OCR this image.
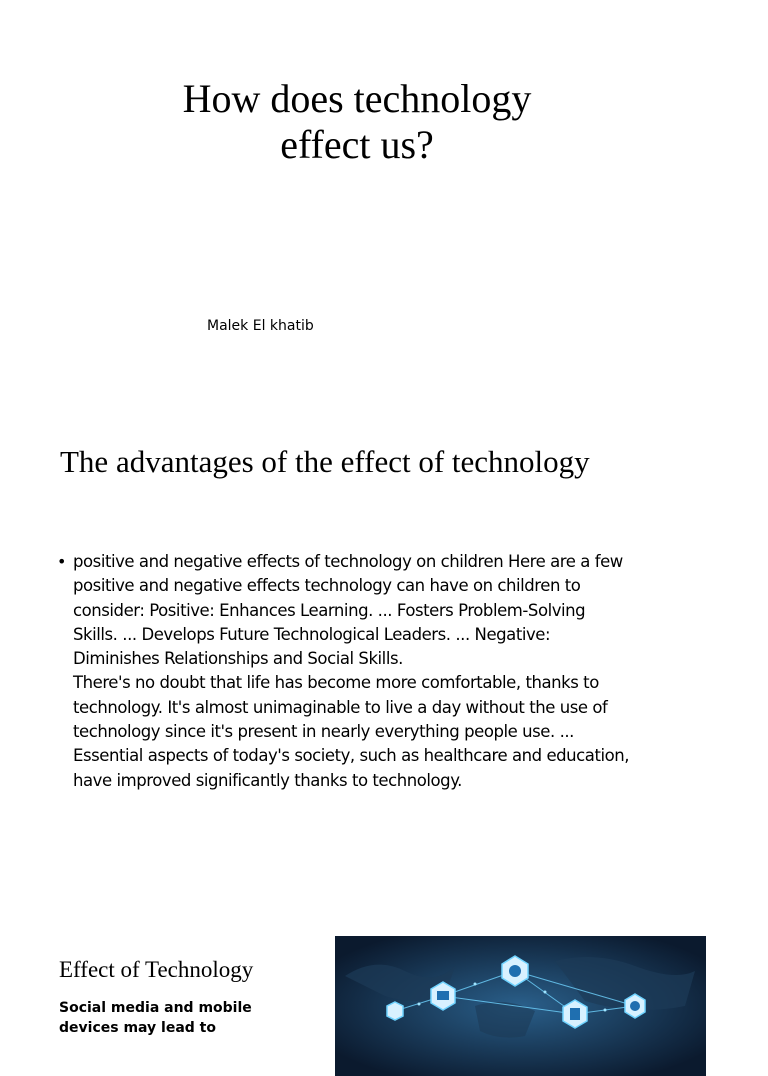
How does technology
effect us?

Malek El khatib

The advantages of the effect of technology
• positive and negative effects of technology on children Here are a few
positive and negative effects technology can have on children to
consider: Positive: Enhances Learning. ... Fosters Problem-Solving
Skills. ... Develops Future Technological Leaders. ... Negative:
Diminishes Relationships and Social Skills.
There's no doubt that life has become more comfortable, thanks to
technology. It's almost unimaginable to live a day without the use of
technology since it's present in nearly everything people use. ...
Essential aspects of today's society, such as healthcare and education,
have improved significantly thanks to technology.
Effect of Technology

Social media and mobile
devices may lead to
